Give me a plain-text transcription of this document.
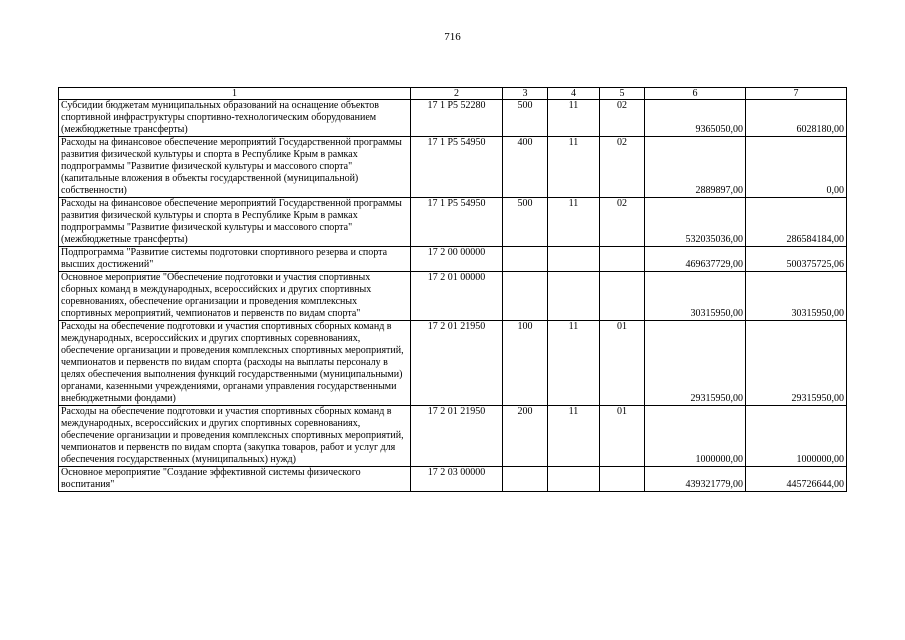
716
1	2	3	4	5	6	7
Субсидии бюджетам муниципальных образований на оснащение объектов спортивной инфраструктуры спортивно-технологическим оборудованием (межбюджетные трансферты)	17 1 P5 52280	500	11	02	9365050,00	6028180,00
Расходы на финансовое обеспечение мероприятий Государственной программы развития физической культуры и спорта в Республике Крым в рамках подпрограммы "Развитие физической культуры и массового спорта" (капитальные вложения в объекты государственной (муниципальной) собственности)	17 1 P5 54950	400	11	02	2889897,00	0,00
Расходы на финансовое обеспечение мероприятий Государственной программы развития физической культуры и спорта в Республике Крым в рамках подпрограммы "Развитие физической культуры и массового спорта" (межбюджетные трансферты)	17 1 P5 54950	500	11	02	532035036,00	286584184,00
Подпрограмма "Развитие системы подготовки спортивного резерва и спорта высших достижений"	17 2 00 00000				469637729,00	500375725,06
Основное мероприятие "Обеспечение подготовки и участия спортивных сборных команд в международных, всероссийских и других спортивных соревнованиях, обеспечение организации и проведения комплексных спортивных мероприятий, чемпионатов и первенств по видам спорта"	17 2 01 00000				30315950,00	30315950,00
Расходы на обеспечение подготовки и участия спортивных сборных команд в международных, всероссийских и других спортивных соревнованиях, обеспечение организации и проведения комплексных спортивных мероприятий, чемпионатов и первенств по видам спорта (расходы на выплаты персоналу в целях обеспечения выполнения функций государственными (муниципальными) органами, казенными учреждениями, органами управления государственными внебюджетными фондами)	17 2 01 21950	100	11	01	29315950,00	29315950,00
Расходы на обеспечение подготовки и участия спортивных сборных команд в международных, всероссийских и других спортивных соревнованиях, обеспечение организации и проведения комплексных спортивных мероприятий, чемпионатов и первенств по видам спорта (закупка товаров, работ и услуг для обеспечения государственных (муниципальных) нужд)	17 2 01 21950	200	11	01	1000000,00	1000000,00
Основное мероприятие "Создание эффективной системы физического воспитания"	17 2 03 00000				439321779,00	445726644,00
